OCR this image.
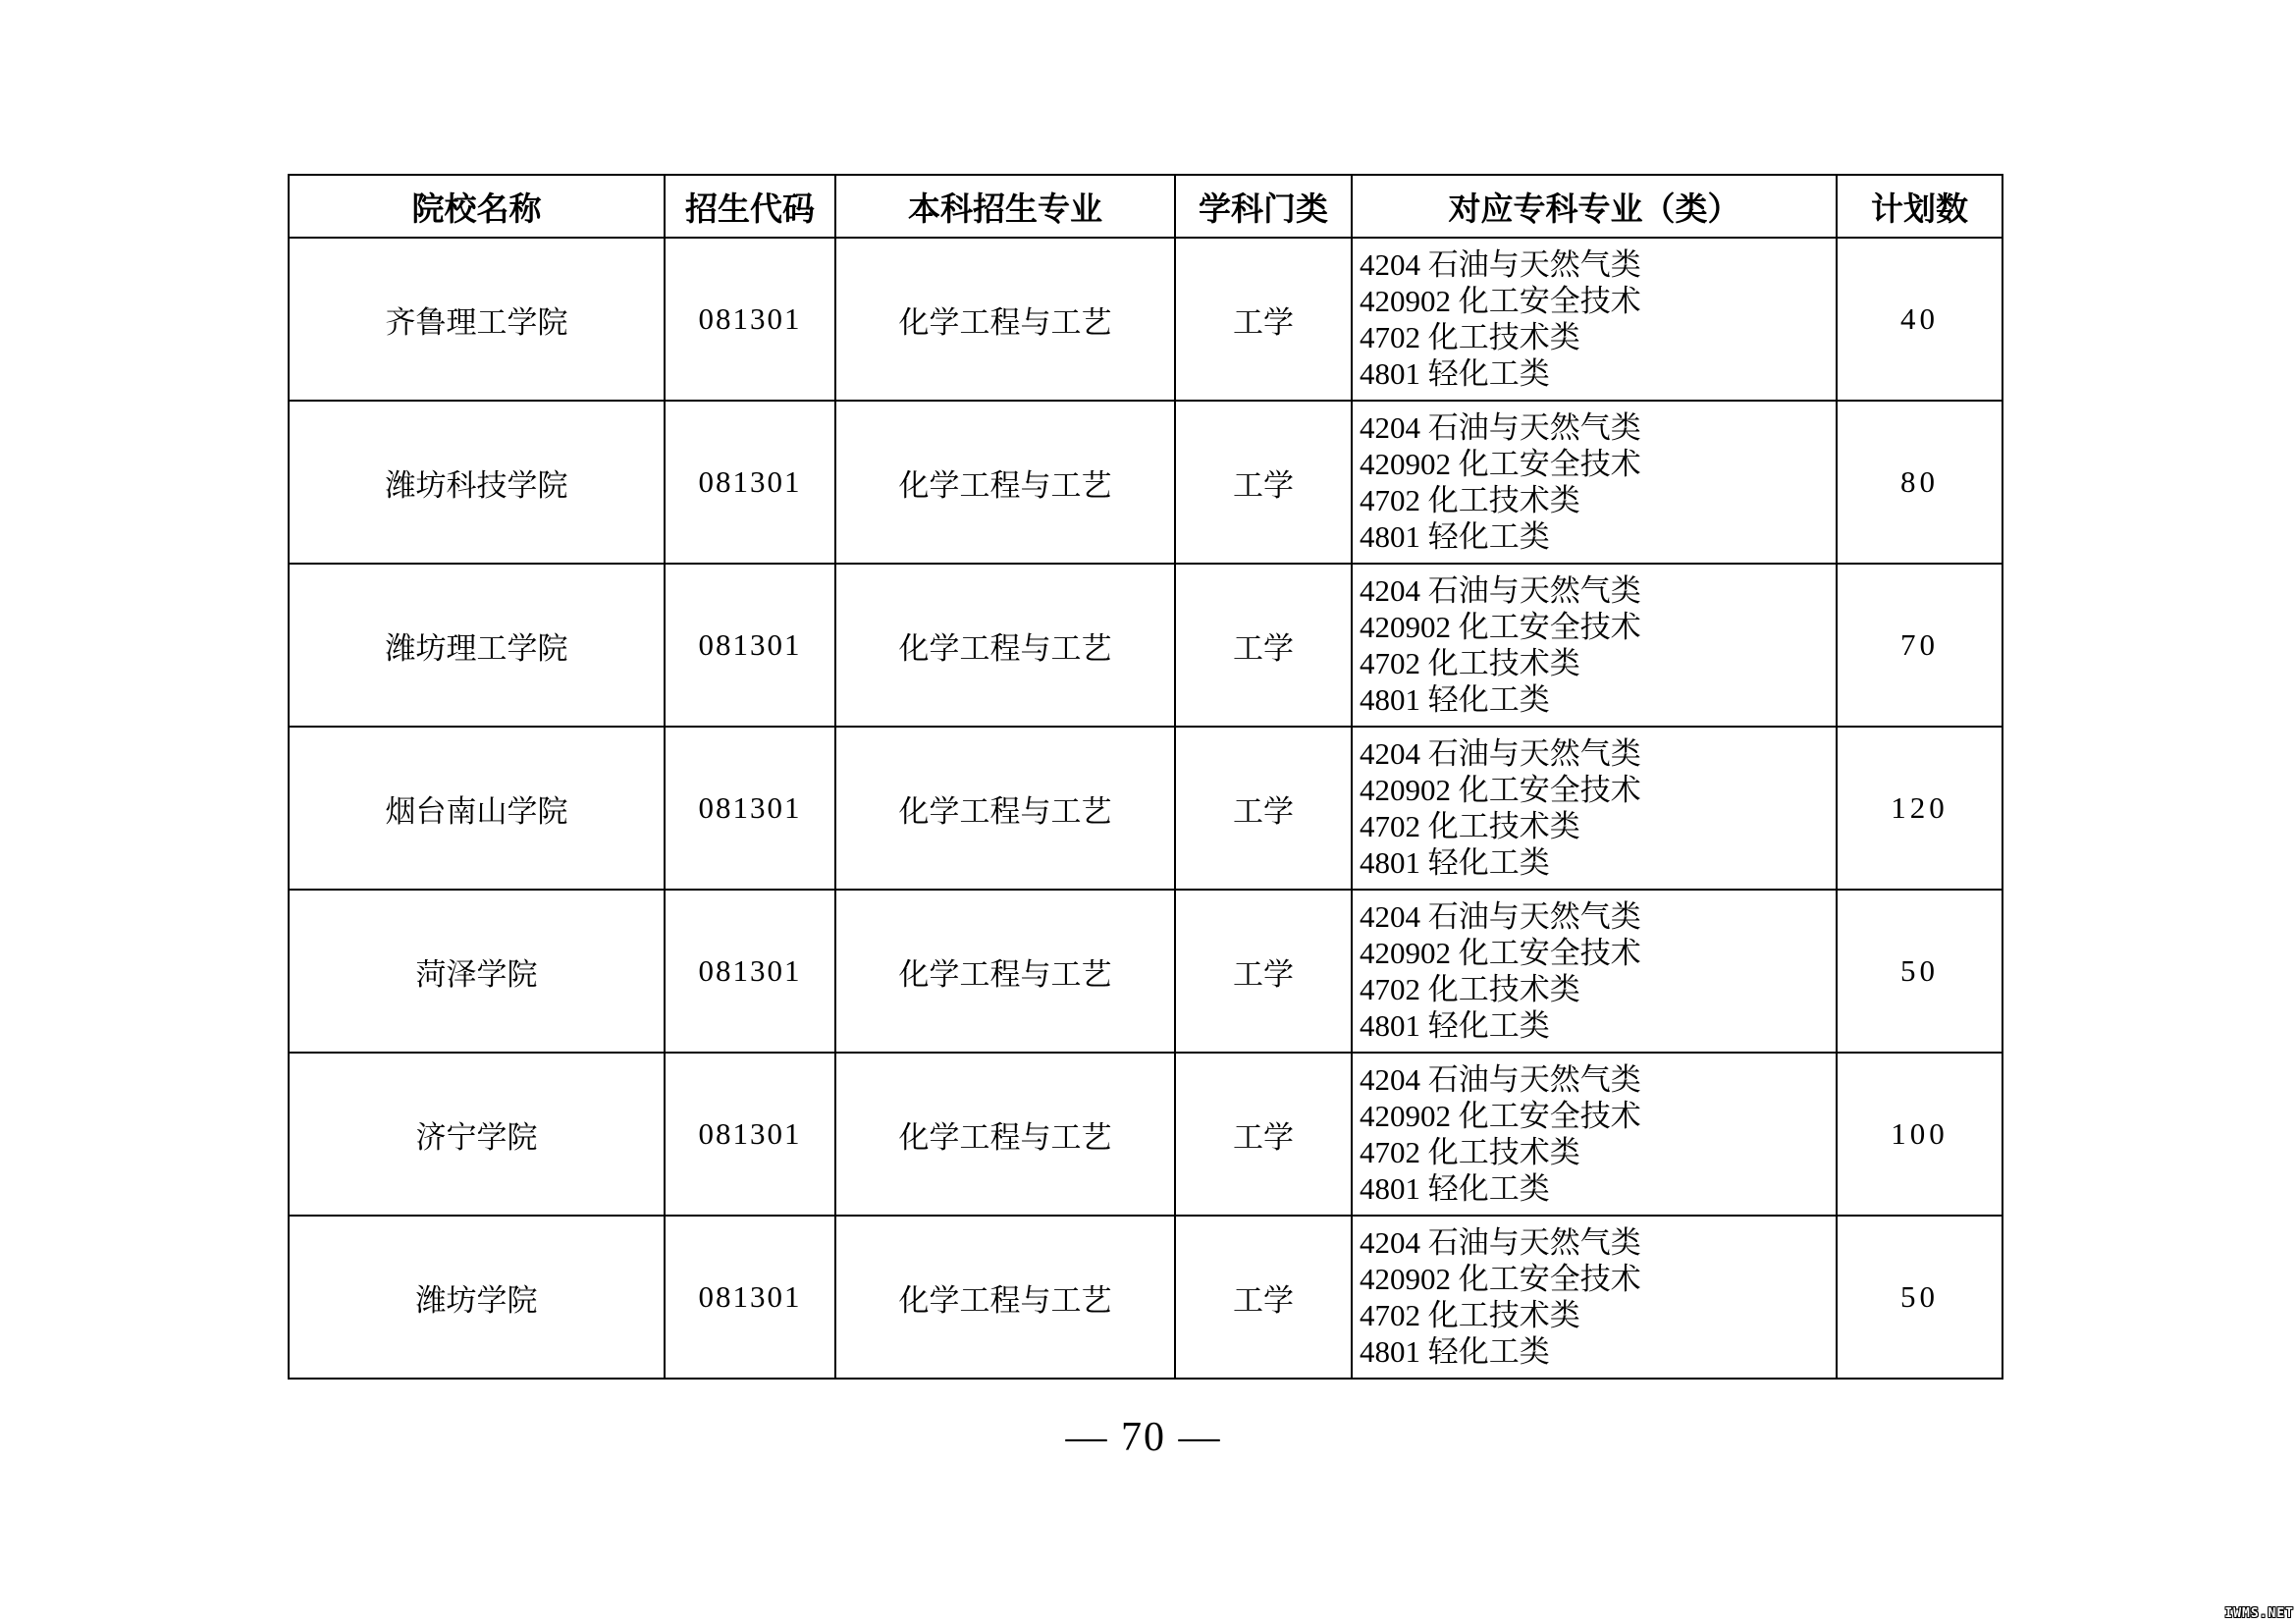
院校名称	招生代码	本科招生专业	学科门类	对应专科专业（类）	计划数
齐鲁理工学院	081301	化学工程与工艺	工学	4204 石油与天然气类
420902 化工安全技术
4702 化工技术类
4801 轻化工类	40
潍坊科技学院	081301	化学工程与工艺	工学	4204 石油与天然气类
420902 化工安全技术
4702 化工技术类
4801 轻化工类	80
潍坊理工学院	081301	化学工程与工艺	工学	4204 石油与天然气类
420902 化工安全技术
4702 化工技术类
4801 轻化工类	70
烟台南山学院	081301	化学工程与工艺	工学	4204 石油与天然气类
420902 化工安全技术
4702 化工技术类
4801 轻化工类	120
菏泽学院	081301	化学工程与工艺	工学	4204 石油与天然气类
420902 化工安全技术
4702 化工技术类
4801 轻化工类	50
济宁学院	081301	化学工程与工艺	工学	4204 石油与天然气类
420902 化工安全技术
4702 化工技术类
4801 轻化工类	100
潍坊学院	081301	化学工程与工艺	工学	4204 石油与天然气类
420902 化工安全技术
4702 化工技术类
4801 轻化工类	50
— 70 —
IWMS.NET
